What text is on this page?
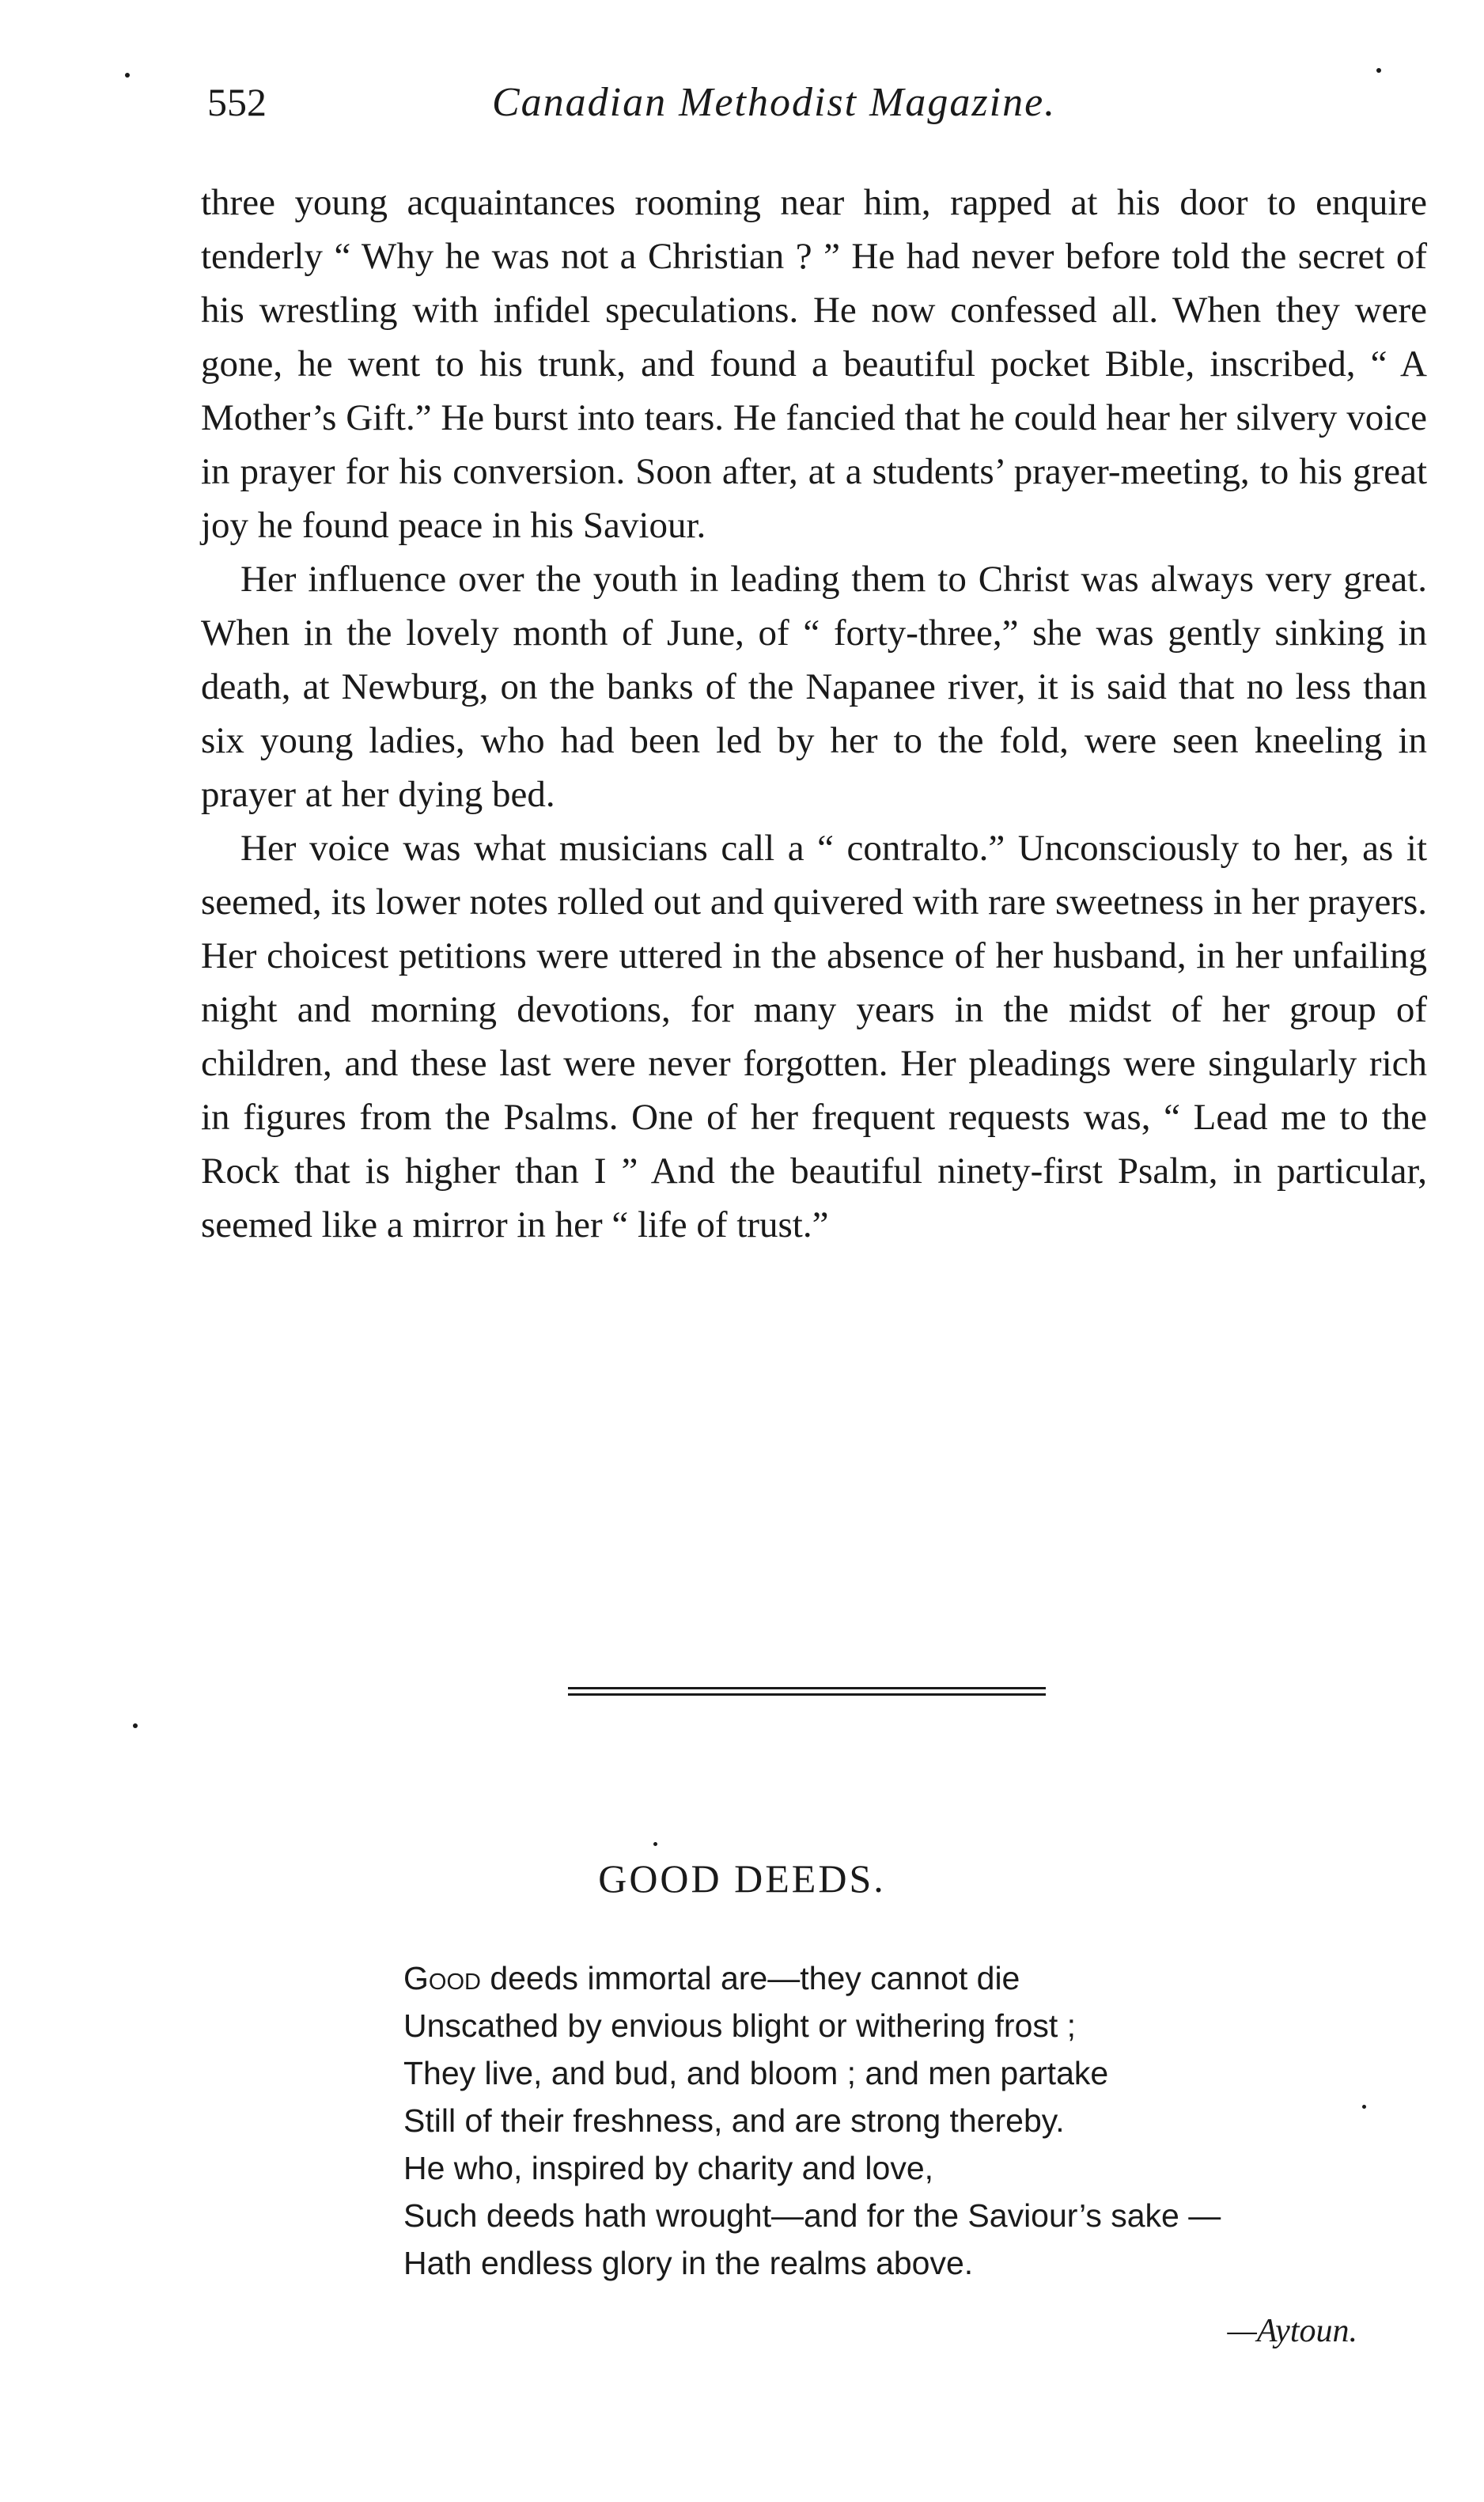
552	Canadian Methodist Magazine.

three young acquaintances rooming near him, rapped at his door to enquire tenderly “ Why he was not a Christian ? ” He had never before told the secret of his wrestling with infidel speculations. He now confessed all. When they were gone, he went to his trunk, and found a beautiful pocket Bible, inscribed, “ A Mother’s Gift.” He burst into tears. He fancied that he could hear her silvery voice in prayer for his conversion. Soon after, at a students’ prayer-meeting, to his great joy he found peace in his Saviour.

Her influence over the youth in leading them to Christ was always very great. When in the lovely month of June, of “ forty-three,” she was gently sinking in death, at Newburg, on the banks of the Napanee river, it is said that no less than six young ladies, who had been led by her to the fold, were seen kneeling in prayer at her dying bed.

Her voice was what musicians call a “ contralto.” Unconsciously to her, as it seemed, its lower notes rolled out and quivered with rare sweetness in her prayers. Her choicest petitions were uttered in the absence of her husband, in her unfailing night and morning devotions, for many years in the midst of her group of children, and these last were never forgotten. Her pleadings were singularly rich in figures from the Psalms. One of her frequent requests was, “ Lead me to the Rock that is higher than I ” And the beautiful ninety-first Psalm, in particular, seemed like a mirror in her “ life of trust.”

GOOD DEEDS.
Good deeds immortal are—they cannot die
Unscathed by envious blight or withering frost ;
They live, and bud, and bloom ; and men partake
Still of their freshness, and are strong thereby.
He who, inspired by charity and love,
Such deeds hath wrought—and for the Saviour’s sake —
Hath endless glory in the realms above.
—Aytoun.
